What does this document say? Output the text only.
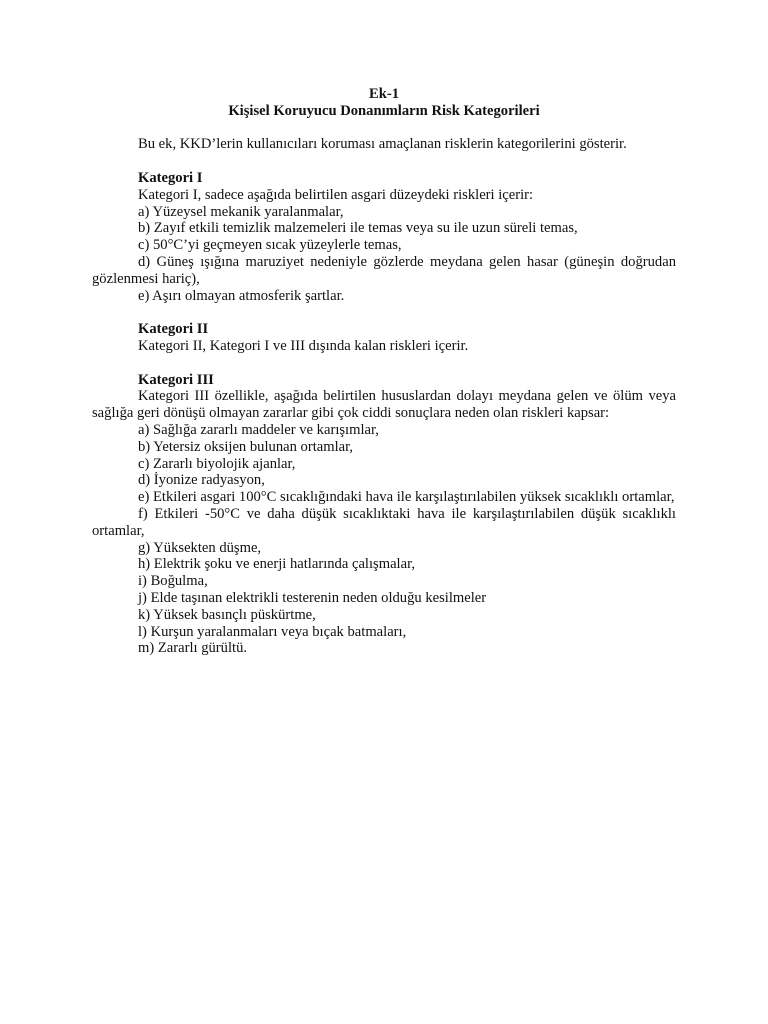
Ek-1
Kişisel Koruyucu Donanımların Risk Kategorileri

Bu ek, KKD’lerin kullanıcıları koruması amaçlanan risklerin kategorilerini gösterir.

Kategori I

Kategori I, sadece aşağıda belirtilen asgari düzeydeki riskleri içerir:

a) Yüzeysel mekanik yaralanmalar,

b) Zayıf etkili temizlik malzemeleri ile temas veya su ile uzun süreli temas,

c) 50°C’yi geçmeyen sıcak yüzeylerle temas,

d) Güneş ışığına maruziyet nedeniyle gözlerde meydana gelen hasar (güneşin doğrudan gözlenmesi hariç),

e) Aşırı olmayan atmosferik şartlar.

Kategori II

Kategori II, Kategori I ve III dışında kalan riskleri içerir.

Kategori III

Kategori III özellikle, aşağıda belirtilen hususlardan dolayı meydana gelen ve ölüm veya sağlığa geri dönüşü olmayan zararlar gibi çok ciddi sonuçlara neden olan riskleri kapsar:

a) Sağlığa zararlı maddeler ve karışımlar,

b) Yetersiz oksijen bulunan ortamlar,

c) Zararlı biyolojik ajanlar,

d) İyonize radyasyon,

e) Etkileri asgari 100°C sıcaklığındaki hava ile karşılaştırılabilen yüksek sıcaklıklı ortamlar,

f) Etkileri -50°C ve daha düşük sıcaklıktaki hava ile karşılaştırılabilen düşük sıcaklıklı ortamlar,

g) Yüksekten düşme,

h) Elektrik şoku ve enerji hatlarında çalışmalar,

i) Boğulma,

j) Elde taşınan elektrikli testerenin neden olduğu kesilmeler

k) Yüksek basınçlı püskürtme,

l) Kurşun yaralanmaları veya bıçak batmaları,

m) Zararlı gürültü.
